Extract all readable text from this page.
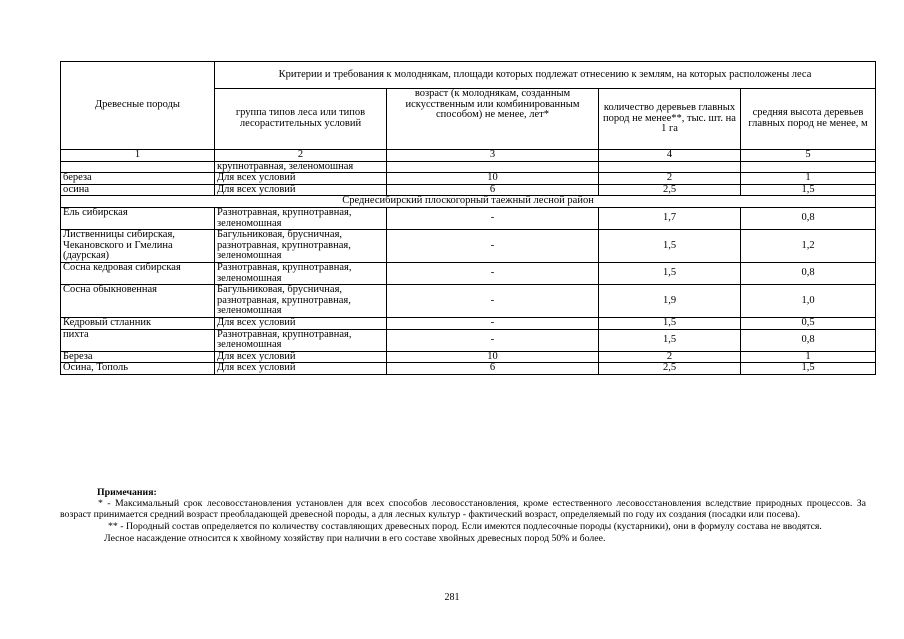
Древесные породы	Критерии и требования к молоднякам, площади которых подлежат отнесению к землям, на которых расположены леса			
	группа типов леса или типов лесорастительных условий	возраст (к молоднякам, созданным искусственным или комбинированным способом) не менее, лет*	количество деревьев главных пород не менее**, тыс. шт. на 1 га	средняя высота деревьев главных пород не менее, м
1	2	3	4	5
	крупнотравная, зеленомошная			
береза	Для всех условий	10	2	1
осина	Для всех условий	6	2,5	1,5
Среднесибирский плоскогорный таежный лесной район				
Ель сибирская	Разнотравная, крупнотравная, зеленомошная	-	1,7	0,8
Лиственницы сибирская, Чекановского и Гмелина (даурская)	Багульниковая, брусничная, разнотравная, крупнотравная, зеленомошная	-	1,5	1,2
Сосна кедровая сибирская	Разнотравная, крупнотравная, зеленомошная	-	1,5	0,8
Сосна обыкновенная	Багульниковая, брусничная, разнотравная, крупнотравная, зеленомошная	-	1,9	1,0
Кедровый стланник	Для всех условий	-	1,5	0,5
пихта	Разнотравная, крупнотравная, зеленомошная	-	1,5	0,8
Береза	Для всех условий	10	2	1
Осина, Тополь	Для всех условий	6	2,5	1,5

Примечания:

* - Максимальный срок лесовосстановления установлен для всех способов лесовосстановления, кроме естественного лесовосстановления вследствие природных процессов. За возраст принимается средний возраст преобладающей древесной породы, а для лесных культур - фактический возраст, определяемый по году их создания (посадки или посева).

** - Породный состав определяется по количеству составляющих древесных пород. Если имеются подлесочные породы (кустарники), они в формулу состава не вводятся.

Лесное насаждение относится к хвойному хозяйству при наличии в его составе хвойных древесных пород 50% и более.

281
